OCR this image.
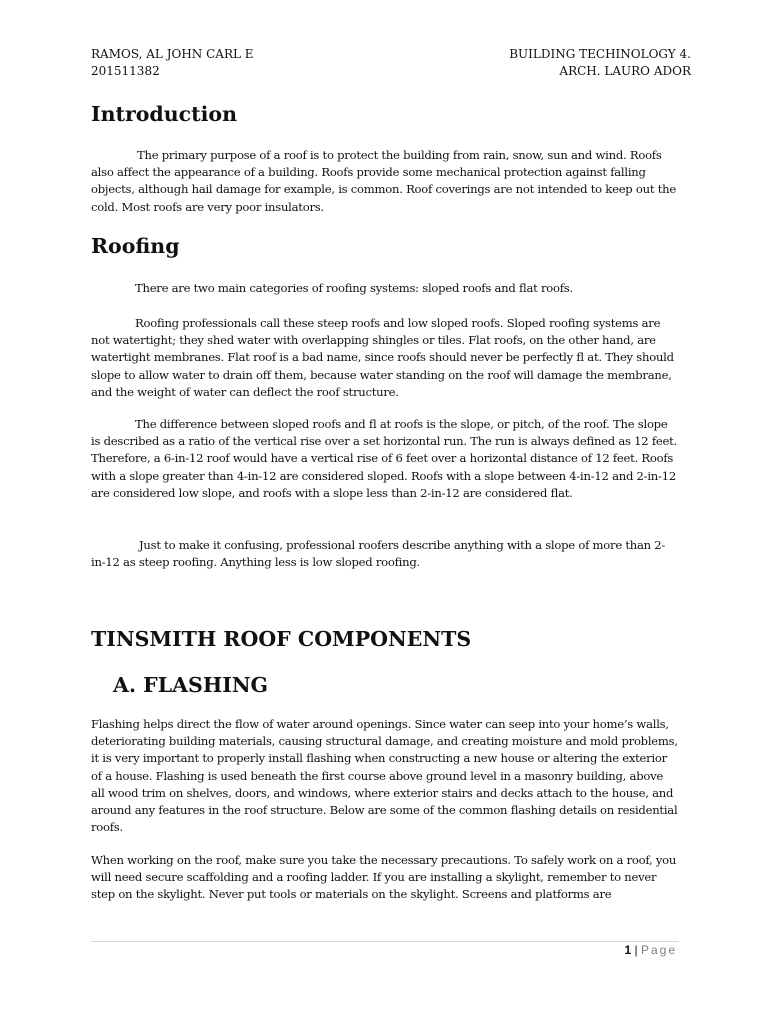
RAMOS, AL JOHN CARL E
201511382
BUILDING TECHINOLOGY 4.
ARCH. LAURO ADOR
Introduction

The primary purpose of a roof is to protect the building from rain, snow, sun and wind. Roofs also affect the appearance of a building. Roofs provide some mechanical protection against falling objects, although hail damage for example, is common. Roof coverings are not intended to keep out the cold. Most roofs are very poor insulators.

Roofing

There are two main categories of roofing systems: sloped roofs and flat roofs.

Roofing professionals call these steep roofs and low sloped roofs. Sloped roofing systems are not watertight; they shed water with overlapping shingles or tiles. Flat roofs, on the other hand, are watertight membranes. Flat roof is a bad name, since roofs should never be perfectly fl at. They should slope to allow water to drain off them, because water standing on the roof will damage the membrane, and the weight of water can deflect the roof structure.

The difference between sloped roofs and fl at roofs is the slope, or pitch, of the roof. The slope is described as a ratio of the vertical rise over a set horizontal run. The run is always defined as 12 feet. Therefore, a 6-in-12 roof would have a vertical rise of 6 feet over a horizontal distance of 12 feet. Roofs with a slope greater than 4-in-12 are considered sloped. Roofs with a slope between 4-in-12 and 2-in-12 are considered low slope, and roofs with a slope less than 2-in-12 are considered flat.

Just to make it confusing, professional roofers describe anything with a slope of more than 2-in-12 as steep roofing. Anything less is low sloped roofing.

TINSMITH ROOF COMPONENTS
A. FLASHING

Flashing helps direct the flow of water around openings. Since water can seep into your home’s walls, deteriorating building materials, causing structural damage, and creating moisture and mold problems, it is very important to properly install flashing when constructing a new house or altering the exterior of a house. Flashing is used beneath the first course above ground level in a masonry building, above all wood trim on shelves, doors, and windows, where exterior stairs and decks attach to the house, and around any features in the roof structure. Below are some of the common flashing details on residential roofs.

When working on the roof, make sure you take the necessary precautions. To safely work on a roof, you will need secure scaffolding and a roofing ladder. If you are installing a skylight, remember to never step on the skylight. Never put tools or materials on the skylight. Screens and platforms are

1 | Page
